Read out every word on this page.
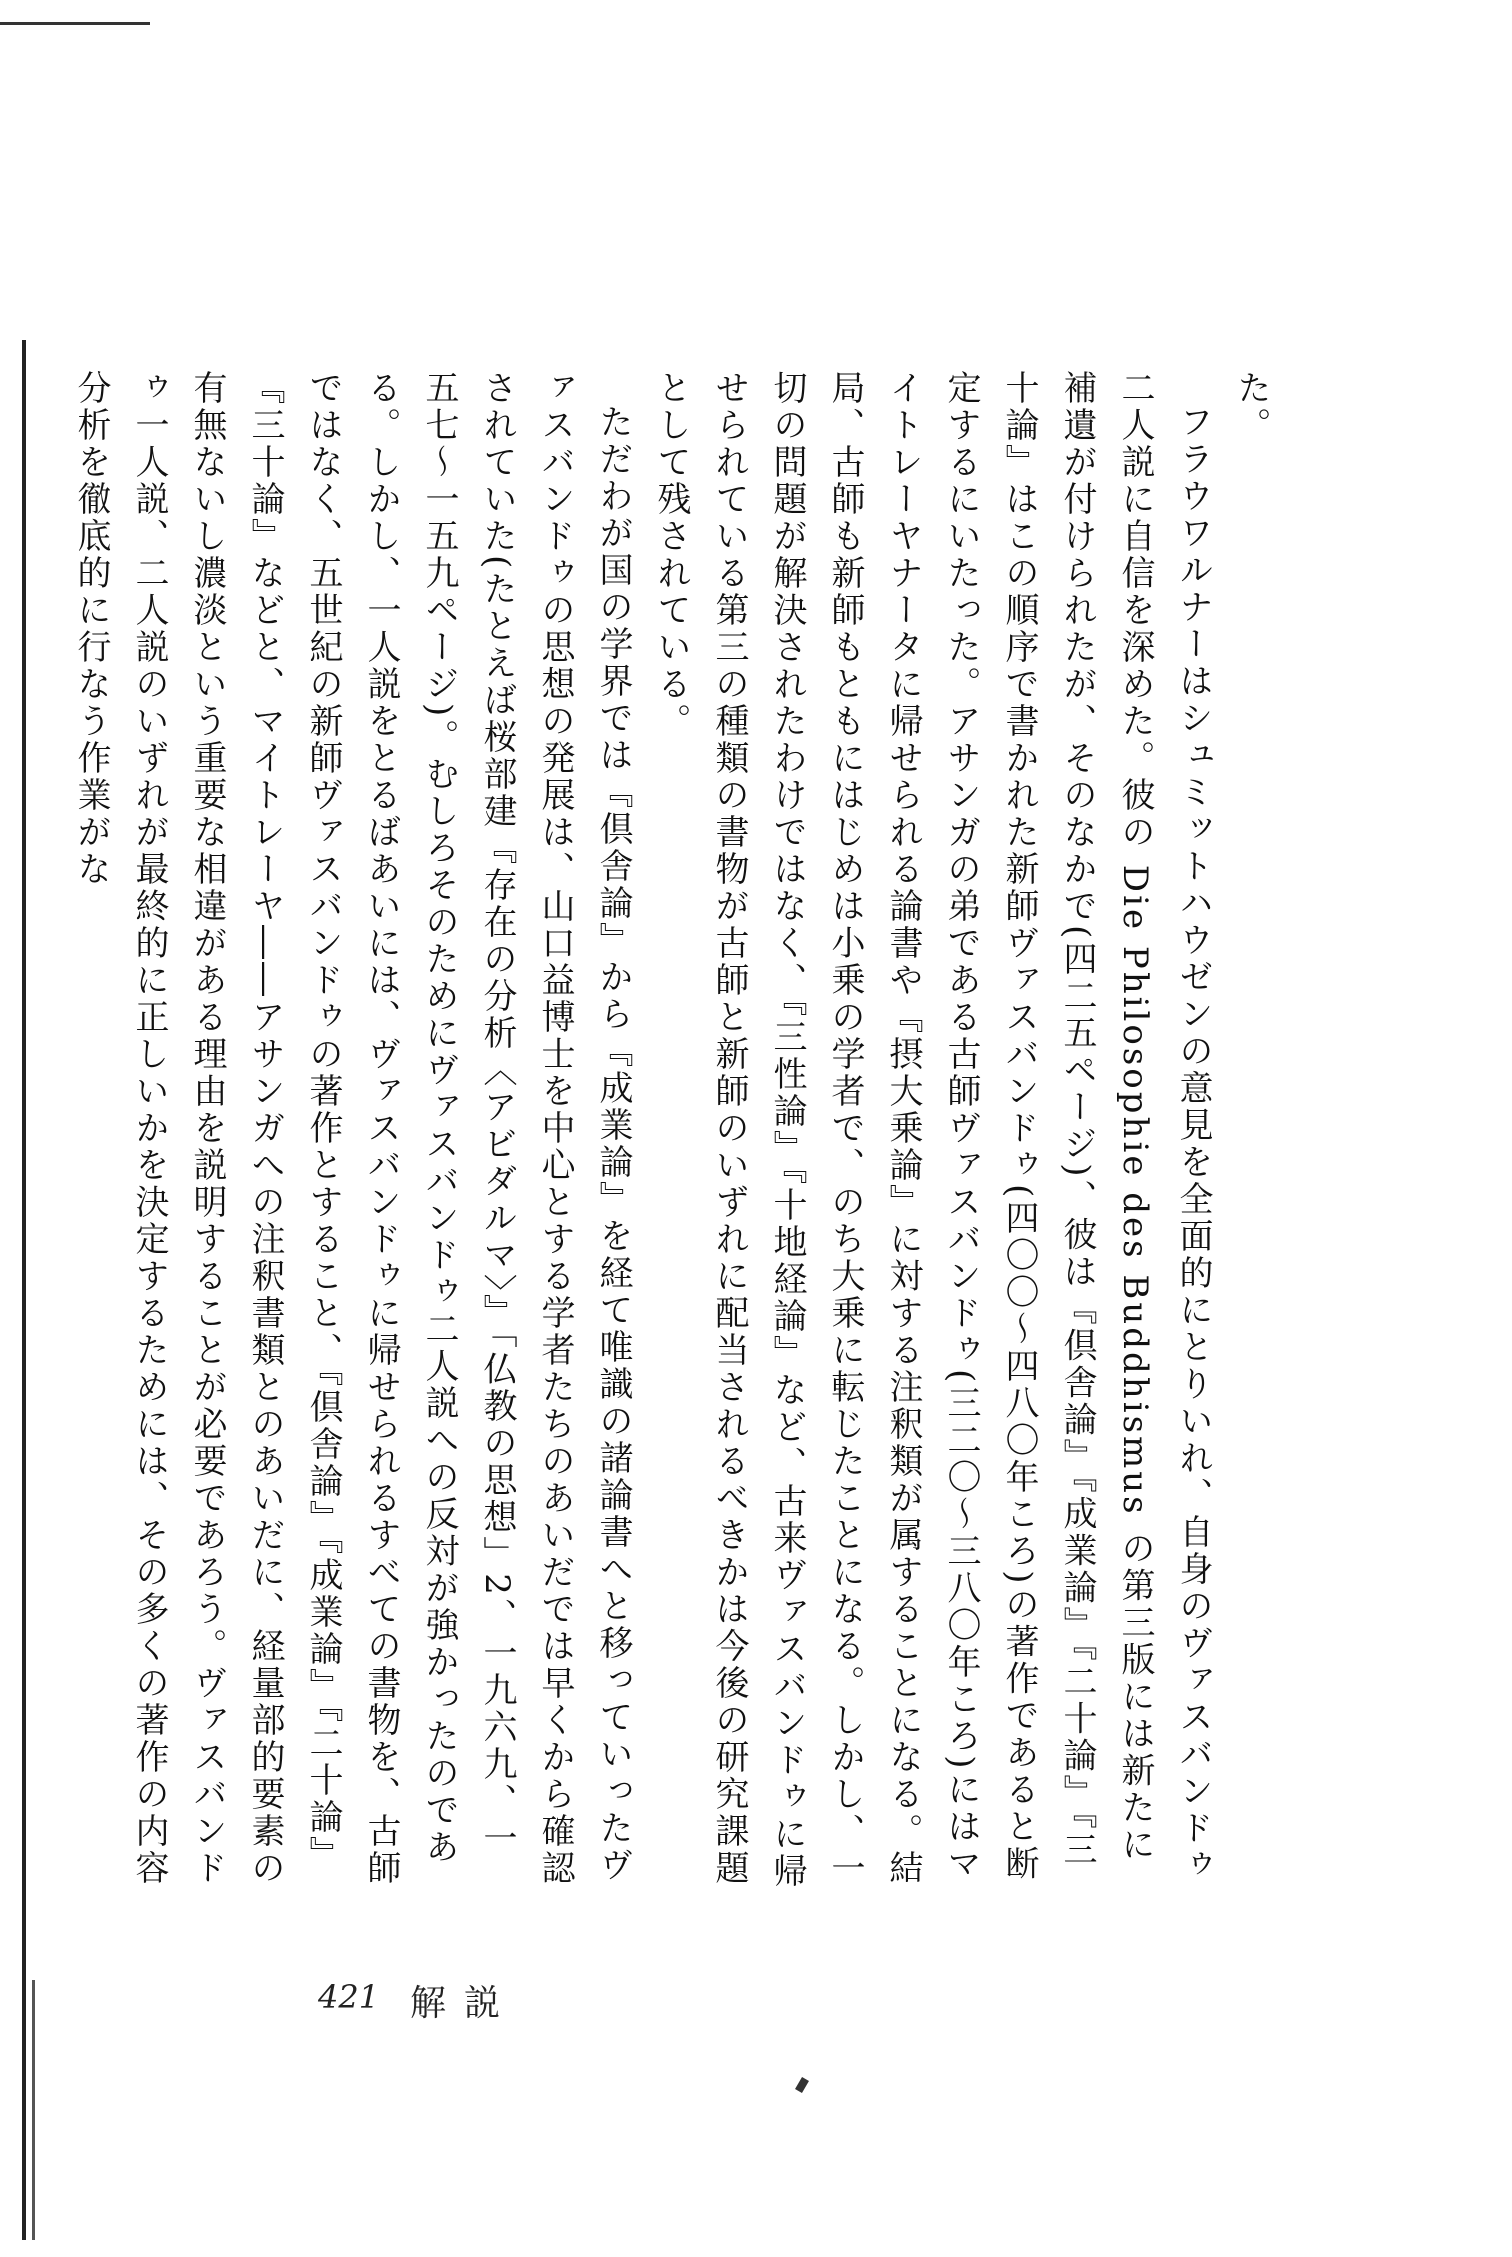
た。

フラウワルナーはシュミットハウゼンの意見を全面的にとりいれ、自身のヴァスバンドゥ二人説に自信を深めた。彼の Die Philosophie des Buddhismus の第三版には新たに補遺が付けられたが、そのなかで(四二五ページ)、彼は『倶舎論』『成業論』『二十論』『三十論』はこの順序で書かれた新師ヴァスバンドゥ(四〇〇〜四八〇年ころ)の著作であると断定するにいたった。アサンガの弟である古師ヴァスバンドゥ(三二〇〜三八〇年ころ)にはマイトレーヤナータに帰せられる論書や『摂大乗論』に対する注釈類が属することになる。結局、古師も新師もともにはじめは小乗の学者で、のち大乗に転じたことになる。しかし、一切の問題が解決されたわけではなく、『三性論』『十地経論』など、古来ヴァスバンドゥに帰せられている第三の種類の書物が古師と新師のいずれに配当されるべきかは今後の研究課題として残されている。

ただわが国の学界では『倶舎論』から『成業論』を経て唯識の諸論書へと移っていったヴァスバンドゥの思想の発展は、山口益博士を中心とする学者たちのあいだでは早くから確認されていた(たとえば桜部建『存在の分析〈アビダルマ〉』「仏教の思想」2、一九六九、一五七〜一五九ページ)。むしろそのためにヴァスバンドゥ二人説への反対が強かったのである。しかし、一人説をとるばあいには、ヴァスバンドゥに帰せられるすべての書物を、古師ではなく、五世紀の新師ヴァスバンドゥの著作とすること、『倶舎論』『成業論』『二十論』『三十論』などと、マイトレーヤ――アサンガへの注釈書類とのあいだに、経量部的要素の有無ないし濃淡という重要な相違がある理由を説明することが必要であろう。ヴァスバンドゥ一人説、二人説のいずれが最終的に正しいかを決定するためには、その多くの著作の内容分析を徹底的に行なう作業がな

421 解説
